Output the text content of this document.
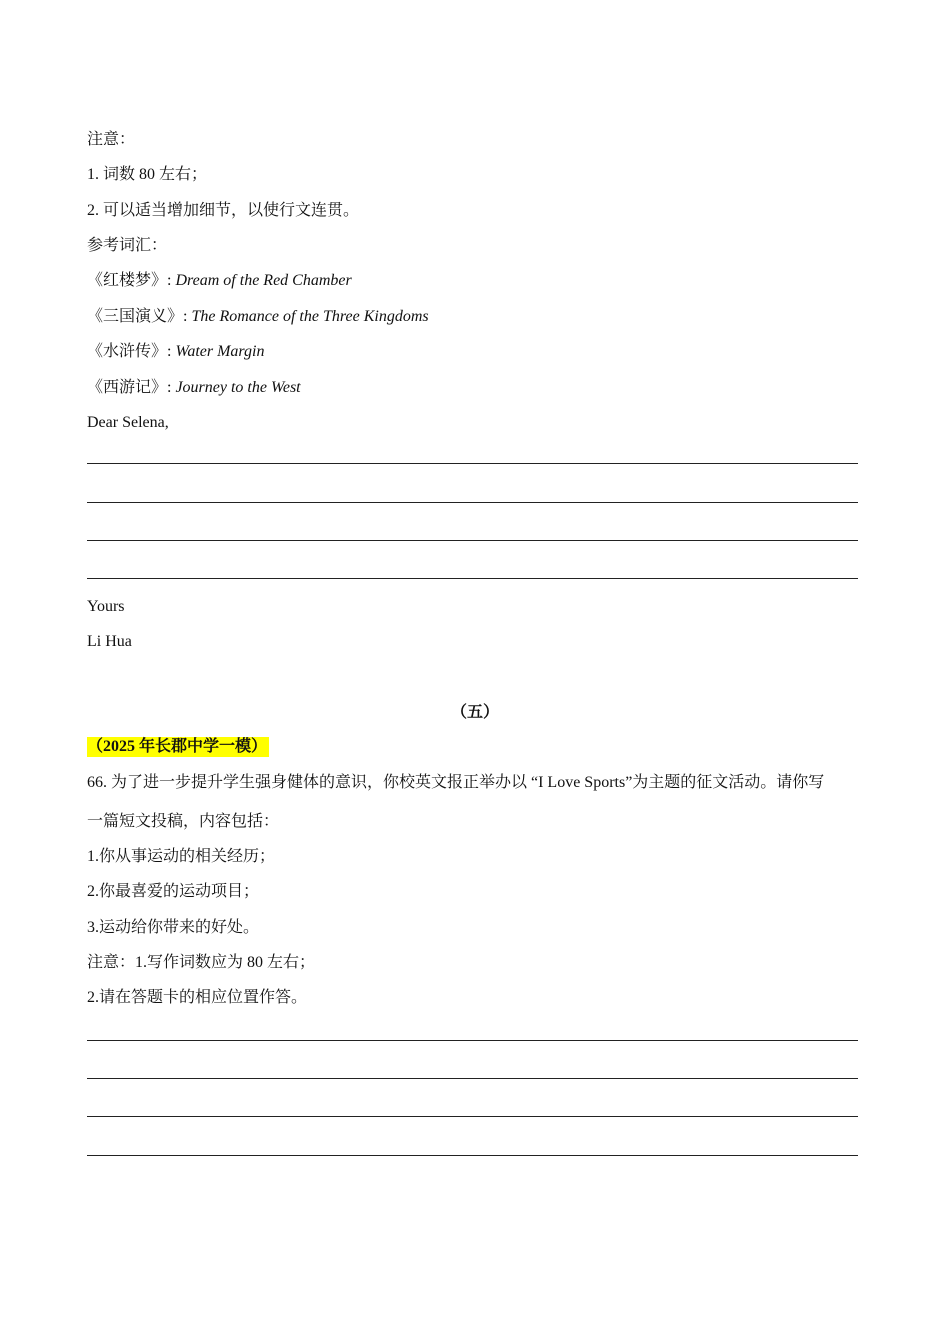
注意：
1. 词数 80 左右；
2. 可以适当增加细节，以使行文连贯。
参考词汇：
《红楼梦》: Dream of the Red Chamber
《三国演义》: The Romance of the Three Kingdoms
《水浒传》: Water Margin
《西游记》: Journey to the West
Dear Selena,
Yours
Li Hua
（五）
（2025 年长郡中学一模）
66. 为了进一步提升学生强身健体的意识，你校英文报正举办以 “I Love Sports”为主题的征文活动。请你写
一篇短文投稿，内容包括：
1.你从事运动的相关经历；
2.你最喜爱的运动项目；
3.运动给你带来的好处。
注意：1.写作词数应为 80 左右；
2.请在答题卡的相应位置作答。
